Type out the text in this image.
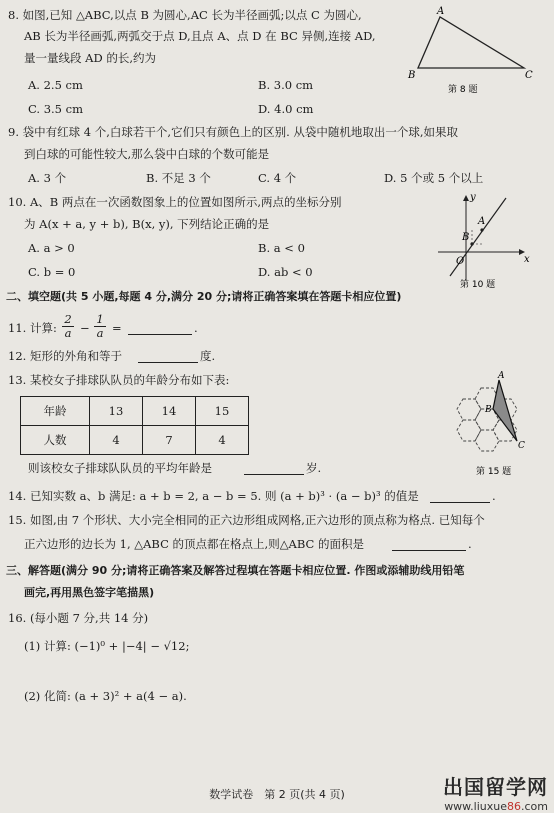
8. 如图,已知 △ABC,以点 B 为圆心,AC 长为半径画弧;以点 C 为圆心,
AB 长为半径画弧,两弧交于点 D,且点 A、点 D 在 BC 异侧,连接 AD,
量一量线段 AD 的长,约为
A. 2.5 cm	B. 3.0 cm
C. 3.5 cm	D. 4.0 cm
A
B	C
第 8 题
9. 袋中有红球 4 个,白球若干个,它们只有颜色上的区别. 从袋中随机地取出一个球,如果取
到白球的可能性较大,那么袋中白球的个数可能是
A. 3 个	B. 不足 3 个	C. 4 个	D. 5 个或 5 个以上
10. A、B 两点在一次函数图象上的位置如图所示,两点的坐标分别
为 A(x + a, y + b), B(x, y), 下列结论正确的是
A. a > 0	B. a < 0
C. b = 0	D. ab < 0
y
x
O
A
B
第 10 题
二、填空题(共 5 小题,每题 4 分,满分 20 分;请将正确答案填在答题卡相应位置)
11. 计算: $\frac{2}{a} - \frac{1}{a}$ =	.
12. 矩形的外角和等于	度.
13. 某校女子排球队队员的年龄分布如下表:
年龄	13	14	15
人数	4	7	4
则该校女子排球队队员的平均年龄是	岁.
A
B
C
第 15 题
14. 已知实数 a、b 满足: a + b = 2, a − b = 5. 则 (a + b)³ · (a − b)³ 的值是	.
15. 如图,由 7 个形状、大小完全相同的正六边形组成网格,正六边形的顶点称为格点. 已知每个
正六边形的边长为 1, △ABC 的顶点都在格点上,则△ABC 的面积是	.
三、解答题(满分 90 分;请将正确答案及解答过程填在答题卡相应位置. 作图或添辅助线用铅笔
画完,再用黑色签字笔描黑)
16. (每小题 7 分,共 14 分)
(1) 计算: (−1)⁰ + |−4| − √12;
(2) 化简: (a + 3)² + a(4 − a).
数学试卷　第 2 页(共 4 页)	出国留学网
www.liuxue86.com
